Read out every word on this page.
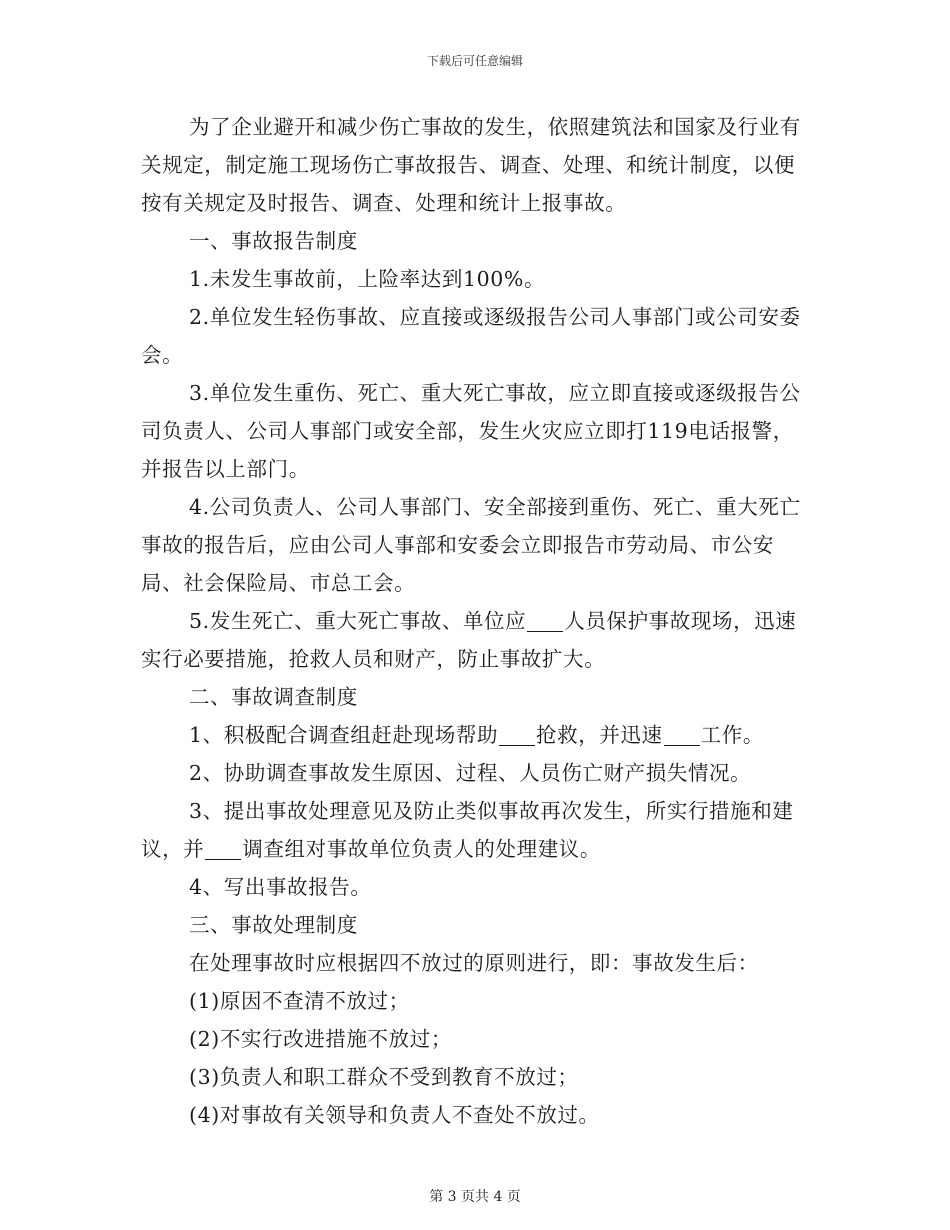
下载后可任意编辑

为了企业避开和减少伤亡事故的发生，依照建筑法和国家及行业有关规定，制定施工现场伤亡事故报告、调查、处理、和统计制度，以便按有关规定及时报告、调查、处理和统计上报事故。

一、事故报告制度

1.未发生事故前，上险率达到100%。

2.单位发生轻伤事故、应直接或逐级报告公司人事部门或公司安委会。

3.单位发生重伤、死亡、重大死亡事故，应立即直接或逐级报告公司负责人、公司人事部门或安全部，发生火灾应立即打119电话报警，并报告以上部门。

4.公司负责人、公司人事部门、安全部接到重伤、死亡、重大死亡事故的报告后，应由公司人事部和安委会立即报告市劳动局、市公安局、社会保险局、市总工会。

5.发生死亡、重大死亡事故、单位应 人员保护事故现场，迅速实行必要措施，抢救人员和财产，防止事故扩大。

二、事故调查制度

1、积极配合调查组赶赴现场帮助 抢救，并迅速 工作。

2、协助调查事故发生原因、过程、人员伤亡财产损失情况。

3、提出事故处理意见及防止类似事故再次发生，所实行措施和建议，并 调查组对事故单位负责人的处理建议。

4、写出事故报告。

三、事故处理制度

在处理事故时应根据四不放过的原则进行，即：事故发生后：

(1)原因不查清不放过；

(2)不实行改进措施不放过；

(3)负责人和职工群众不受到教育不放过；

(4)对事故有关领导和负责人不查处不放过。

第 3 页共 4 页
